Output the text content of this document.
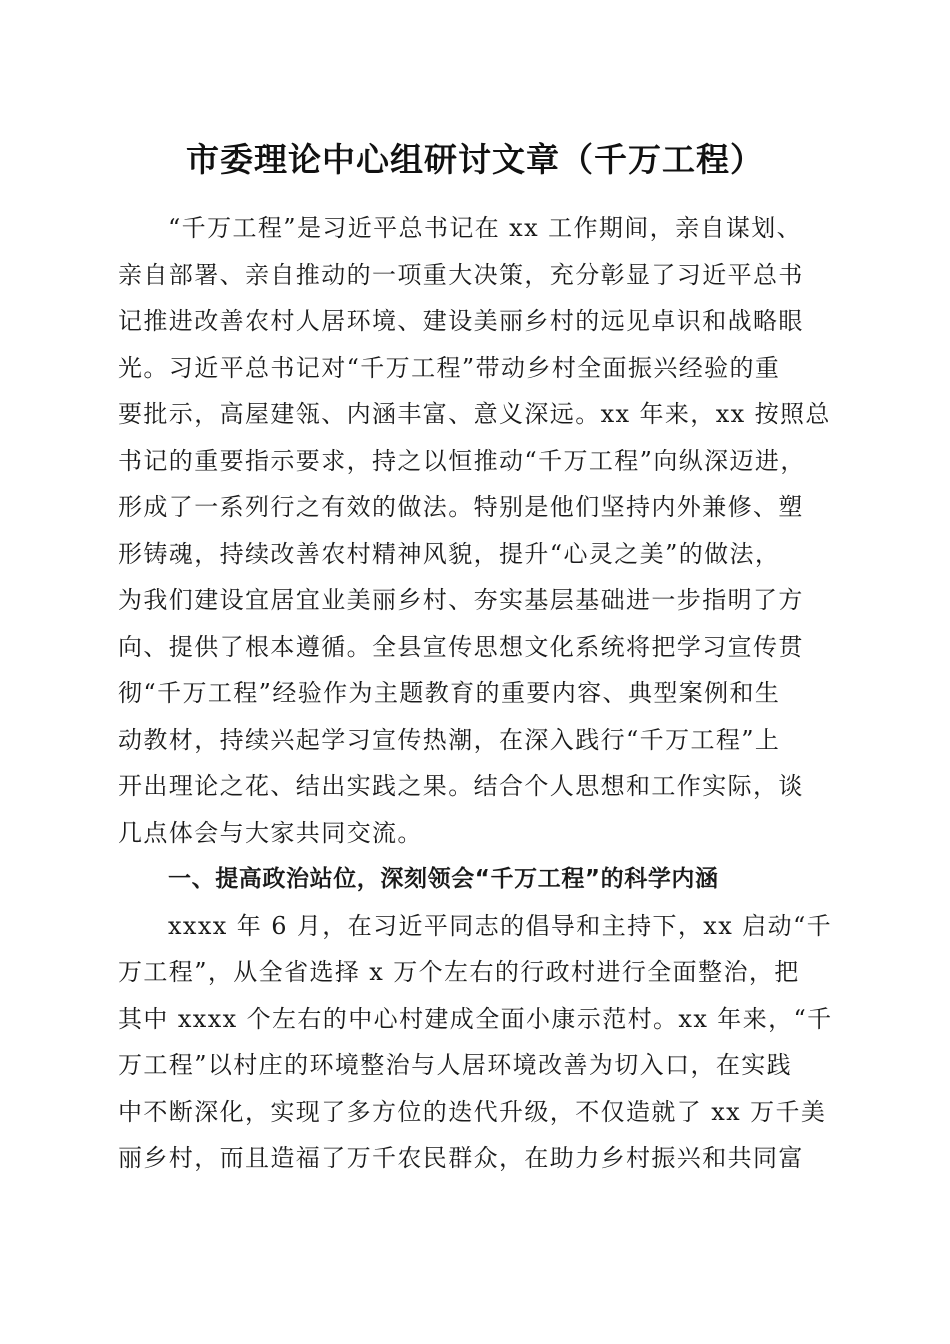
市委理论中心组研讨文章（千万工程）
“千万工程”是习近平总书记在 xx 工作期间，亲自谋划、
亲自部署、亲自推动的一项重大决策，充分彰显了习近平总书
记推进改善农村人居环境、建设美丽乡村的远见卓识和战略眼
光。习近平总书记对“千万工程”带动乡村全面振兴经验的重
要批示，高屋建瓴、内涵丰富、意义深远。xx 年来，xx 按照总
书记的重要指示要求，持之以恒推动“千万工程”向纵深迈进，
形成了一系列行之有效的做法。特别是他们坚持内外兼修、塑
形铸魂，持续改善农村精神风貌，提升“心灵之美”的做法，
为我们建设宜居宜业美丽乡村、夯实基层基础进一步指明了方
向、提供了根本遵循。全县宣传思想文化系统将把学习宣传贯
彻“千万工程”经验作为主题教育的重要内容、典型案例和生
动教材，持续兴起学习宣传热潮，在深入践行“千万工程”上
开出理论之花、结出实践之果。结合个人思想和工作实际，谈
几点体会与大家共同交流。
一、提高政治站位，深刻领会“千万工程”的科学内涵
xxxx 年 6 月，在习近平同志的倡导和主持下，xx 启动“千
万工程”，从全省选择 x 万个左右的行政村进行全面整治，把
其中 xxxx 个左右的中心村建成全面小康示范村。xx 年来，“千
万工程”以村庄的环境整治与人居环境改善为切入口，在实践
中不断深化，实现了多方位的迭代升级，不仅造就了 xx 万千美
丽乡村，而且造福了万千农民群众，在助力乡村振兴和共同富
